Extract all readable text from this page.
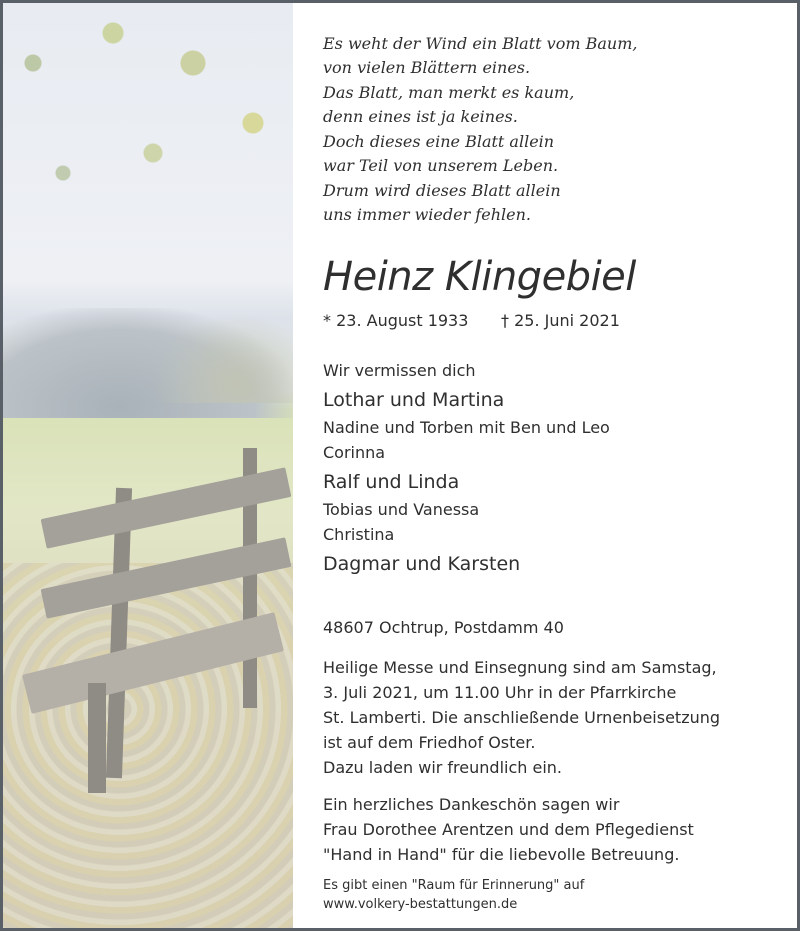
Es weht der Wind ein Blatt vom Baum,
von vielen Blättern eines.
Das Blatt, man merkt es kaum,
denn eines ist ja keines.
Doch dieses eine Blatt allein
war Teil von unserem Leben.
Drum wird dieses Blatt allein
uns immer wieder fehlen.
Heinz Klingebiel
* 23. August 1933 † 25. Juni 2021
Wir vermissen dich
Lothar und Martina
Nadine und Torben mit Ben und Leo
Corinna
Ralf und Linda
Tobias und Vanessa
Christina
Dagmar und Karsten
48607 Ochtrup, Postdamm 40
Heilige Messe und Einsegnung sind am Samstag,
3. Juli 2021, um 11.00 Uhr in der Pfarrkirche
St. Lamberti. Die anschließende Urnenbeisetzung
ist auf dem Friedhof Oster.
Dazu laden wir freundlich ein.
Ein herzliches Dankeschön sagen wir
Frau Dorothee Arentzen und dem Pflegedienst
"Hand in Hand" für die liebevolle Betreuung.
Es gibt einen "Raum für Erinnerung" auf
www.volkery-bestattungen.de
